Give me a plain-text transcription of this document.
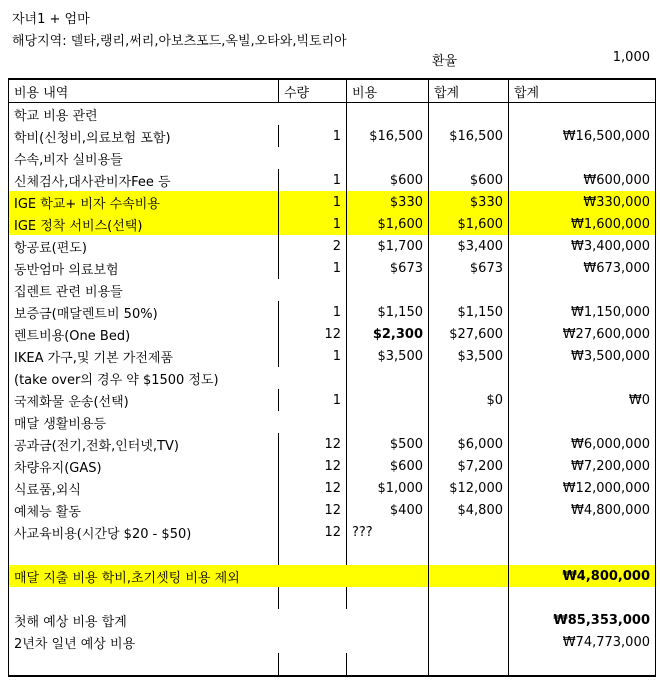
자녀1 + 엄마
해당지역: 델타,랭리,써리,아보츠포드,옥빌,오타와,빅토리아
환율	1,000
비용 내역	수량	비용	합계	합계
학교 비용 관련				
학비(신청비,의료보험 포함)	1	$16,500	$16,500	₩16,500,000
수속,비자 실비용들				
신체검사,대사관비자Fee 등	1	$600	$600	₩600,000
IGE 학교+ 비자 수속비용	1	$330	$330	₩330,000
IGE 정착 서비스(선택)	1	$1,600	$1,600	₩1,600,000
항공료(편도)	2	$1,700	$3,400	₩3,400,000
동반엄마 의료보험	1	$673	$673	₩673,000
집렌트 관련 비용들				
보증금(매달렌트비 50%)	1	$1,150	$1,150	₩1,150,000
렌트비용(One Bed)	12	$2,300	$27,600	₩27,600,000
IKEA 가구,및 기본 가전제품	1	$3,500	$3,500	₩3,500,000
(take over의 경우 약 $1500 정도)				
국제화물 운송(선택)	1		$0	₩0
매달 생활비용등				
공과금(전기,전화,인터넷,TV)	12	$500	$6,000	₩6,000,000
차량유지(GAS)	12	$600	$7,200	₩7,200,000
식료품,외식	12	$1,000	$12,000	₩12,000,000
예체능 활동	12	$400	$4,800	₩4,800,000
사교육비용(시간당 $20 - $50)	12	???		

매달 지출 비용 학비,초기셋팅 비용 제외				₩4,800,000

첫해 예상 비용 합계				₩85,353,000
2년차 일년 예상 비용				₩74,773,000
